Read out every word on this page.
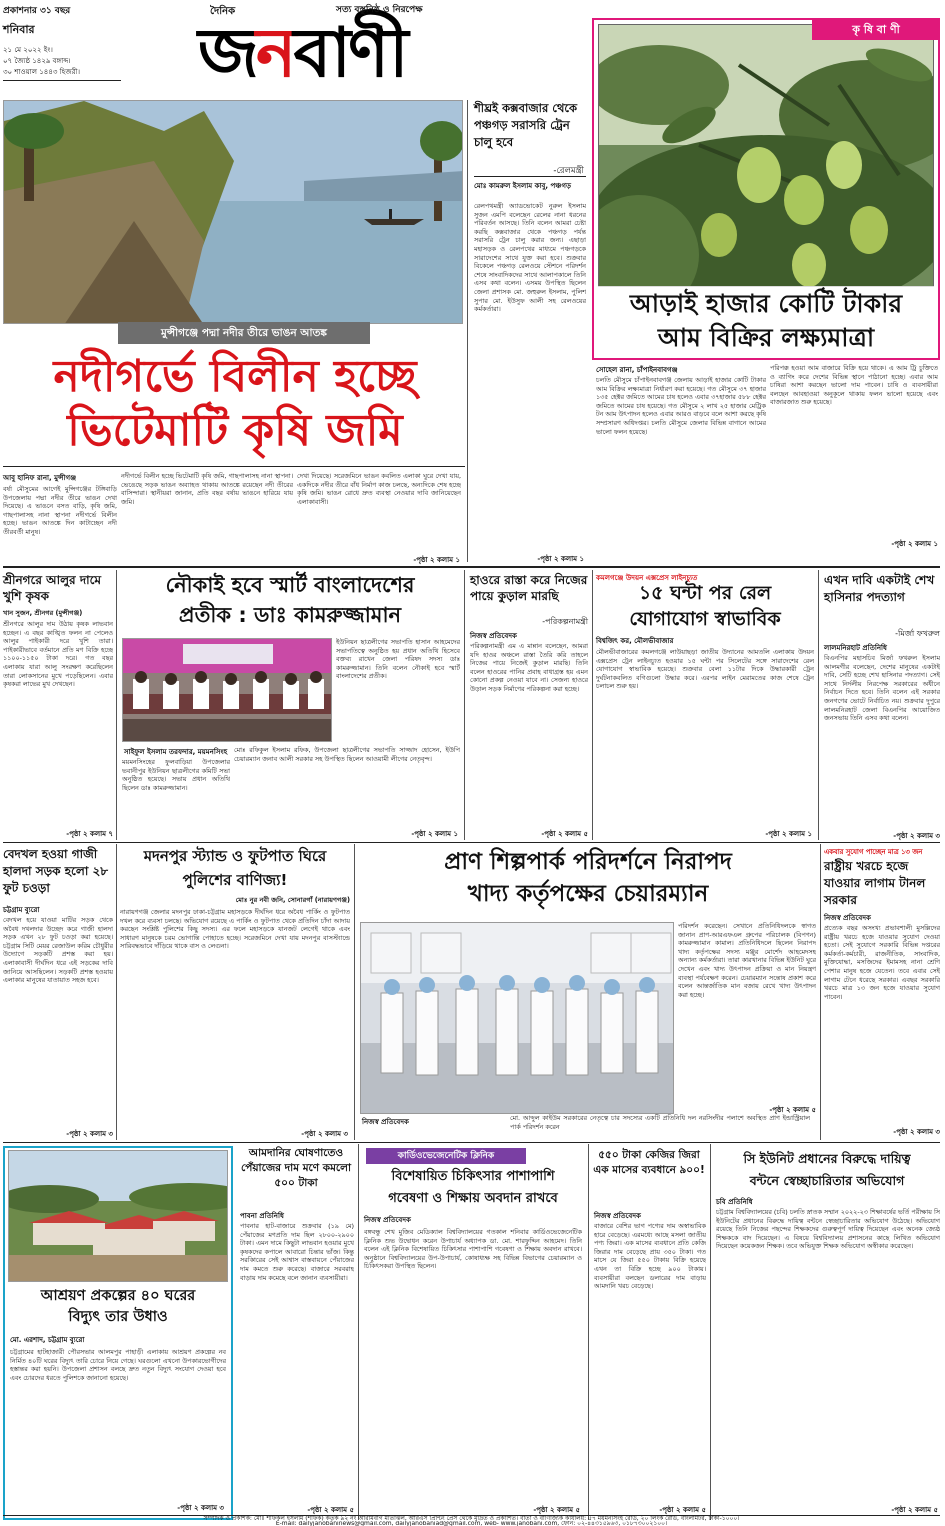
প্রকাশনার ৩১ বছর
শনিবার
২১ মে ২০২২ ইং।
০৭ জ্যৈষ্ঠ ১৪২৯ বঙ্গাব্দ।
৩০ শাওয়াল ১৪৪৩ হিজরী।
দৈনিক
জনবাণী
সত্য বস্তুনিষ্ঠ ও নিরপেক্ষ
আড়াই হাজার কোটি টাকার
আম বিক্রির লক্ষ্যমাত্রা
কৃ ষি বা ণী
মুন্সীগঞ্জে পদ্মা নদীর তীরে ভাঙন আতঙ্ক
নদীগর্ভে বিলীন হচ্ছে
ভিটেমাটি কৃষি জমি
আবু হানিফ রানা, মুন্সীগঞ্জ
বর্ষা মৌসুমের আগেই মুন্সিগঞ্জের টঙ্গিবাড়ি উপজেলায় পদ্মা নদীর তীরে ভাঙন দেখা দিয়েছে। এ ভাঙনে বসত বাড়ি, কৃষি জমি, গাছপালাসহ নানা স্থাপনা নদীগর্ভে বিলীন হচ্ছে। ভাঙন আতঙ্কে দিন কাটাচ্ছেন নদী তীরবর্তী মানুষ।
নদীগর্ভে বিলীন হচ্ছে ভিটেমাটি কৃষি জমি, গাছপালাসহ নানা স্থাপনা। ভেঙেছে সড়ক ভাঙন অব্যাহত থাকায় আতঙ্কে রয়েছেন নদী তীরের বাসিন্দারা। স্থানীয়রা জানান, প্রতি বছর বর্ষায় ভাঙনে হারিয়ে যায় জমি।
দেখা দিয়েছে। সরেজমিনে ভাঙন কবলিত এলাকা ঘুরে দেখা যায়, একদিকে নদীর তীরে বাঁধ নির্মাণ কাজ চলছে, অন্যদিকে শেষ হচ্ছে কৃষি জমি। ভাঙন রোধে দ্রুত ব্যবস্থা নেওয়ার দাবি জানিয়েছেন এলাকাবাসী।
-পৃষ্ঠা ২ কলাম ১
শীঘ্রই কক্সবাজার থেকে পঞ্চগড় সরাসরি ট্রেন চালু হবে
-রেলমন্ত্রী
মোঃ কামরুল ইসলাম কাবু, পঞ্চগড়
রেলপথমন্ত্রী অ্যাডভোকেট নুরুল ইসলাম সুজন এমপি বলেছেন রেলের নানা ধরনের পরিবর্তন আসছে। তিনি বলেন আমরা চেষ্টা করছি কক্সবাজার থেকে পঞ্চগড় পর্যন্ত সরাসরি ট্রেন চালু করার জন্য। এছাড়া মহাসড়ক ও রেলপথের মাধ্যমে পঞ্চগড়কে সারাদেশের সাথে যুক্ত করা হবে। শুক্রবার বিকেলে পঞ্চগড় রেলওয়ে স্টেশনে পরিদর্শন শেষে সাংবাদিকদের সাথে আলাপকালে তিনি এসব কথা বলেন। এসময় উপস্থিত ছিলেন জেলা প্রশাসক মো. জহুরুল ইসলাম, পুলিশ সুপার মো. ইউসুফ আলী সহ রেলওয়ের কর্মকর্তারা।
-পৃষ্ঠা ২ কলাম ১
সোহেল রানা, চাঁপাইনবাবগঞ্জ
চলতি মৌসুমে চাঁপাইনবাবগঞ্জ জেলায় আড়াই হাজার কোটি টাকার আম বিক্রির লক্ষ্যমাত্রা নির্ধারণ করা হয়েছে। গত মৌসুমে ৩৭ হাজার ১৩৫ হেক্টর জমিতে আমের চাষ হলেও এবার ৩৭হাজার ৫৮৮ হেক্টর জমিতে আমের চাষ হয়েছে। গত মৌসুমে ২ লাখ ২৫ হাজার মেট্রিক টন আম উৎপাদন হলেও এবার আরও বাড়বে বলে আশা করছে কৃষি সম্প্রসারণ অধিদপ্তর। চলতি মৌসুমে জেলার বিভিন্ন বাগানে আমের ভালো ফলন হয়েছে।
পরিপক্ক হওয়া আম বাজারে বিক্রি হয়ে থাকে। এ আম ট্রি চুক্তিতে ও ব্যাগিং করে দেশের বিভিন্ন স্থানে পাঠানো হচ্ছে। এবার আম চাষিরা আশা করছেন ভালো দাম পাবেন। চাষি ও ব্যবসায়ীরা বলছেন আবহাওয়া অনুকূলে থাকায় ফলন ভালো হয়েছে এবং বাজারজাত শুরু হয়েছে।
-পৃষ্ঠা ২ কলাম ১
শ্রীনগরে আলুর দামে খুশি কৃষক
খান সুজন, শ্রীনগর (মুন্সীগঞ্জ)
শ্রীনগরে আলুর দাম উঠায় কৃষক লাভবান হচ্ছেন। এ বছর কাঙ্খিত ফলন না পেলেও আলুর পাইকারী দরে খুশি তারা। পাইকারীভাবে বর্তমানে প্রতি মণ বিক্রি হচ্ছে ১১০০-১১৫০ টাকা দরে। গত বছর এলাকায় যারা আলু সংরক্ষণ করেছিলেন তারা লোকসানের মুখে পড়েছিলেন। এবার কৃষকরা লাভের মুখ দেখছেন।
-পৃষ্ঠা ২ কলাম ৭
নৌকাই হবে স্মার্ট বাংলাদেশের
প্রতীক : ডাঃ কামরুজ্জামান
সাইফুল ইসলাম তরফদার, ময়মনসিংহ
ময়মনসিংহের ফুলবাড়িয়া উপজেলার ভবানীপুর ইউনিয়ন ছাত্রলীগের কমিটি সভা অনুষ্ঠিত হয়েছে। সভায় প্রধান অতিথি ছিলেন ডাঃ কামরুজ্জামান।
ইউনিয়ন ছাত্রলীগের সভাপতি হাসান আহমেদের সভাপতিত্বে অনুষ্ঠিত হয় প্রধান অতিথি হিসেবে বক্তব্য রাখেন জেলা পরিষদ সদস্য ডাঃ কামরুজ্জামান। তিনি বলেন নৌকাই হবে স্মার্ট বাংলাদেশের প্রতীক।
মোঃ রফিকুল ইসলাম রফিক, উপজেলা ছাত্রলীগের সভাপতি সাজ্জাদ হোসেন, ইউপি চেয়ারম্যান জনাব আলী সরকার সহ উপস্থিত ছিলেন আওয়ামী লীগের নেতৃবৃন্দ।
-পৃষ্ঠা ২ কলাম ১
হাওরে রাস্তা করে নিজের পায়ে কুড়াল মারছি
-পরিকল্পনামন্ত্রী
নিজস্ব প্রতিবেদক
পরিকল্পনামন্ত্রী এম এ মান্নান বলেছেন, আমরা যদি হাওর অঞ্চলে রাস্তা তৈরি করি তাহলে নিজের পায়ে নিজেই কুড়াল মারছি। তিনি বলেন হাওরের পানির প্রবাহ বাধাগ্রস্ত হয় এমন কোনো প্রকল্প নেওয়া যাবে না। সেজন্য হাওরে উড়াল সড়ক নির্মাণের পরিকল্পনা করা হচ্ছে।
-পৃষ্ঠা ২ কলাম ৫
কমলগঞ্জে উদয়ন এক্সপ্রেস লাইনচ্যুত
১৫ ঘন্টা পর রেল
যোগাযোগ স্বাভাবিক
বিশ্বজিৎ কর, মৌলভীবাজার
মৌলভীবাজারের কমলগঞ্জে লাউয়াছড়া জাতীয় উদ্যানের আমতলি এলাকায় উদয়ন এক্সপ্রেস ট্রেন লাইনচ্যুত হওয়ার ১৫ ঘন্টা পর সিলেটের সঙ্গে সারাদেশের রেল যোগাযোগ স্বাভাবিক হয়েছে। শুক্রবার বেলা ১১টার দিকে উদ্ধারকারী ট্রেন দুর্ঘটনাকবলিত বগিগুলো উদ্ধার করে। এরপর লাইন মেরামতের কাজ শেষে ট্রেন চলাচল শুরু হয়।
-পৃষ্ঠা ২ কলাম ১
এখন দাবি একটাই শেখ হাসিনার পদত্যাগ
-মির্জা ফখরুল
লালমনিরহাট প্রতিনিধি
বিএনপির মহাসচিব মির্জা ফখরুল ইসলাম আলমগীর বলেছেন, দেশের মানুষের একটাই দাবি, সেটি হচ্ছে শেখ হাসিনার পদত্যাগ। সেই সাথে নির্দলীয় নিরপেক্ষ সরকারের অধীনে নির্বাচন দিতে হবে। তিনি বলেন এই সরকার জনগণের ভোটে নির্বাচিত নয়। শুক্রবার দুপুরে লালমনিরহাট জেলা বিএনপির আয়োজিত জনসভায় তিনি এসব কথা বলেন।
-পৃষ্ঠা ২ কলাম ৩
বেদখল হওয়া গাজী হালদা সড়ক হলো ২৮ ফুট চওড়া
চট্টগ্রাম ব্যুরো
বেদখল হয়ে যাওয়া মাটির সড়ক থেকে অবৈধ দখলদার উচ্ছেদ করে গাজী হালদা সড়ক এখন ২৮ ফুট চওড়া করা হয়েছে। চট্টগ্রাম সিটি মেয়র রেজাউল করিম চৌধুরীর উদ্যোগে সড়কটি প্রশস্ত করা হয়। এলাকাবাসী দীর্ঘদিন ধরে এই সড়কের দাবি জানিয়ে আসছিলেন। সড়কটি প্রশস্ত হওয়ায় এলাকার মানুষের যাতায়াত সহজ হবে।
-পৃষ্ঠা ২ কলাম ৩
মদনপুর স্ট্যান্ড ও ফুটপাত ঘিরে পুলিশের বাণিজ্য!
মোঃ নুর নবী জনি, সোনারগাঁ (নারায়ণগঞ্জ)
নারায়ণগঞ্জ জেলার মদনপুর ঢাকা-চট্টগ্রাম মহাসড়কে দীর্ঘদিন ধরে অবৈধ পার্কিং ও ফুটপাত দখল করে ব্যবসা চলছে। অভিযোগ রয়েছে এ পার্কিং ও ফুটপাত থেকে প্রতিদিন চাঁদা আদায় করছেন সংশ্লিষ্ট পুলিশের কিছু সদস্য। এর ফলে মহাসড়কে যানজট লেগেই থাকে এবং সাধারণ মানুষকে চরম ভোগান্তি পোহাতে হচ্ছে। সরেজমিনে দেখা যায় মদনপুর বাসস্ট্যান্ডে সারিবদ্ধভাবে দাঁড়িয়ে থাকে বাস ও লেগুনা।
-পৃষ্ঠা ২ কলাম ৩
প্রাণ শিল্পপার্ক পরিদর্শনে নিরাপদ
খাদ্য কর্তৃপক্ষের চেয়ারম্যান
নিজস্ব প্রতিবেদক	মো. আব্দুল কাইউম সরকারের নেতৃত্বে চার সদস্যের একটি প্রতিনিধি দল নরসিংদীর পলাশে অবস্থিত প্রাণ ইন্ডাস্ট্রিয়াল পার্ক পরিদর্শন করেন
পরিদর্শন করেছেন। সেখানে প্রতিনিধিদলকে স্বাগত জানান প্রাণ-আরএফএল গ্রুপের পরিচালক (বিপণন) কামরুজ্জামান কামাল। প্রতিনিধিদলে ছিলেন নিরাপদ খাদ্য কর্তৃপক্ষের সদস্য মঞ্জুর মোর্শেদ আহমেদসহ অন্যান্য কর্মকর্তারা। তারা কারখানার বিভিন্ন ইউনিট ঘুরে দেখেন এবং খাদ্য উৎপাদন প্রক্রিয়া ও মান নিয়ন্ত্রণ ব্যবস্থা পর্যবেক্ষণ করেন। চেয়ারম্যান সন্তোষ প্রকাশ করে বলেন আন্তর্জাতিক মান বজায় রেখে খাদ্য উৎপাদন করা হচ্ছে।
-পৃষ্ঠা ২ কলাম ৫
একবার সুযোগ পাচ্ছেন মাত্র ১৩ জন
রাষ্ট্রীয় খরচে হজে যাওয়ার লাগাম টানল সরকার
নিজস্ব প্রতিবেদক
প্রত্যেক বছর অসংখ্য প্রভাবশালী মুসল্লিদের রাষ্ট্রীয় খরচে হজে যাওয়ার সুযোগ দেওয়া হতো। সেই সুযোগে সরকারি বিভিন্ন দপ্তরের কর্মকর্তা-কর্মচারী, রাজনীতিক, সাংবাদিক, মুক্তিযোদ্ধা, মসজিদের ইমামসহ নানা শ্রেণি পেশার মানুষ হজে যেতেন। তবে এবার সেই লাগাম টেনে ধরেছে সরকার। এবছর সরকারি খরচে মাত্র ১৩ জন হজে যাওয়ার সুযোগ পাবেন।
-পৃষ্ঠা ২ কলাম ৩
আশ্রয়ণ প্রকল্পের ৪০ ঘরের
বিদ্যুৎ তার উধাও
মো. এরশাদ, চট্টগ্রাম ব্যুরো
চট্টগ্রামের হাটহাজারী পৌরসভার আলমপুর পাহাড়ী এলাকায় আশ্রয়ণ প্রকল্পের নব নির্মিত ৪০টি ঘরের বিদ্যুৎ তারি চোরে নিয়ে গেছে। ঘরগুলো এখনো উপকারভোগীদের হস্তান্তর করা হয়নি। উপজেলা প্রশাসন বলছে দ্রুত নতুন বিদ্যুৎ সংযোগ দেওয়া হবে এবং চোরদের ধরতে পুলিশকে জানানো হয়েছে।
-পৃষ্ঠা ২ কলাম ৩
আমদানির ঘোষণাতেও পেঁয়াজের দাম মণে কমলো ৫০০ টাকা
পাবনা প্রতিনিধি
পাবনার হাট-বাজারে শুক্রবার (১৯ মে) পেঁয়াজের মণপ্রতি দাম ছিল ২৮০০-২৯০০ টাকা। এমন দামে কিছুটা লাভবান হওয়ার মুখে কৃষকদের কপালে আবারো চিন্তার ভাঁজ। কিন্তু সরকিারের সেই আশ্বাস বাস্তবায়নে পেঁয়াজের দাম কমতে শুরু করেছে। বাজারে সরবরাহ বাড়ায় দাম কমেছে বলে জানান ব্যবসায়ীরা।
-পৃষ্ঠা ২ কলাম ৫
কার্ডিওভেজেনেটিক ক্লিনিক
বিশেষায়িত চিকিৎসার পাশাপাশি
গবেষণা ও শিক্ষায় অবদান রাখবে
নিজস্ব প্রতিবেদক
বঙ্গবন্ধু শেখ মুজিব মেডিক্যাল বিশ্ববিদ্যালয়ের গতকাল শনিবার কার্ডিওভেজেনেটিক ক্লিনিক শুভ উদ্বোধন করেন উপাচার্য অধ্যাপক ডা. মো. শারফুদ্দিন আহমেদ। তিনি বলেন এই ক্লিনিক বিশেষায়িত চিকিৎসার পাশাপাশি গবেষণা ও শিক্ষায় অবদান রাখবে। অনুষ্ঠানে বিশ্ববিদ্যালয়ের উপ-উপাচার্য, কোষাধ্যক্ষ সহ বিভিন্ন বিভাগের চেয়ারম্যান ও চিকিৎসকরা উপস্থিত ছিলেন।
-পৃষ্ঠা ২ কলাম ৫
৫৫০ টাকা কেজির জিরা এক মাসের ব্যবধানে ৯০০!
নিজস্ব প্রতিবেদক
বাজারে বেশির ভাগ পণ্যের দাম অস্বাভাবিক হারে বেড়েছে। এরমধ্যে আছে মসলা জাতীয় পণ্য জিরা। এক মাসের ব্যবধানে প্রতি কেজি জিরার দাম বেড়েছে প্রায় ৩৫০ টাকা। গত মাসে যে জিরা ৫৫০ টাকায় বিক্রি হয়েছে এখন তা বিক্রি হচ্ছে ৯০০ টাকায়। ব্যবসায়ীরা বলছেন ডলারের দাম বাড়ায় আমদানি খরচ বেড়েছে।
-পৃষ্ঠা ২ কলাম ৫
সি ইউনিট প্রধানের বিরুদ্ধে দায়িত্ব
বন্টনে স্বেচ্ছাচারিতার অভিযোগ
চবি প্রতিনিধি
চট্টগ্রাম বিশ্ববিদ্যালয়ের (চবি) চলতি স্নাতক সম্মান ২০২২-২৩ শিক্ষাবর্ষের ভর্তি পরীক্ষায় সি ইউনিটের প্রধানের বিরুদ্ধে দায়িত্ব বন্টনে স্বেচ্ছাচারিতার অভিযোগ উঠেছে। অভিযোগ রয়েছে তিনি নিজের পছন্দের শিক্ষকদের গুরুত্বপূর্ণ দায়িত্ব দিয়েছেন এবং অনেক জ্যেষ্ঠ শিক্ষককে বাদ দিয়েছেন। এ বিষয়ে বিশ্ববিদ্যালয় প্রশাসনের কাছে লিখিত অভিযোগ দিয়েছেন কয়েকজন শিক্ষক। তবে অভিযুক্ত শিক্ষক অভিযোগ অস্বীকার করেছেন।
-পৃষ্ঠা ২ কলাম ৫
সম্পাদক ও প্রকাশক: মোঃ শফিকুল ইসলাম (শফিক) কর্তৃক ৯২ নং আরামবাগ মতিঝিল, আরএস প্রিন্টিং প্রেস থেকে মুদ্রিত ও প্রকাশিত। বার্তা ও বাণিজ্যিক কার্যালয়: ৫৭ ময়মনসিংহ রোড, ২০ লিংক রোড, বাংলামটর, ঢাকা-১০০০।
E-mail: dailyjanobaninews@gmail.com, dailyjanobaniad@gmail.com, web- www.janobani.com, ফোন: ০২-৪৪৩১৫৯৬৩, ০১৮৭৩০০২১০০।
